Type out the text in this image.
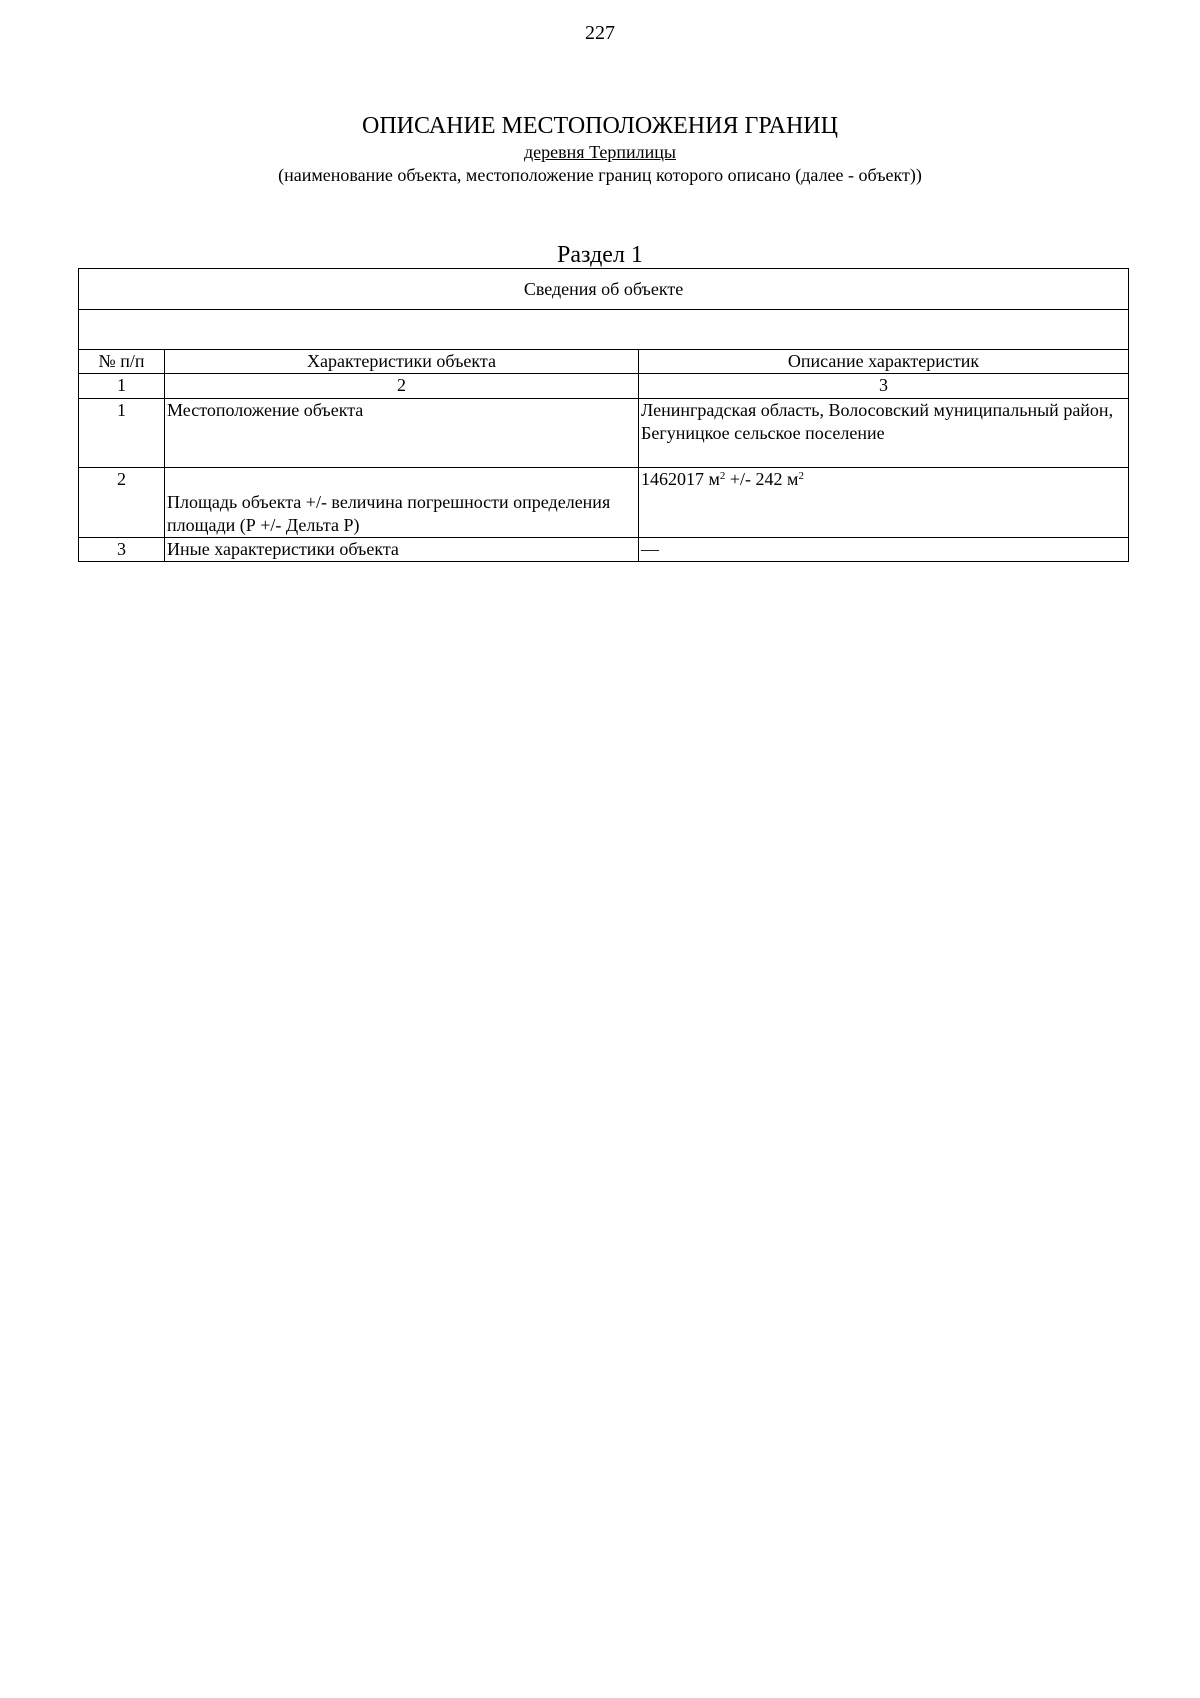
227
ОПИСАНИЕ МЕСТОПОЛОЖЕНИЯ ГРАНИЦ
деревня Терпилицы
(наименование объекта, местоположение границ которого описано (далее - объект))
Раздел 1
Сведения об объекте		

№ п/п	Характеристики объекта	Описание характеристик
1	2	3
1	Местоположение объекта	Ленинградская область, Волосовский муниципальный район, Бегуницкое сельское поселение
2	Площадь объекта +/- величина погрешности определения площади (Р +/- Дельта Р)	1462017 $м^2$ +/- 242 $м^2$
3	Иные характеристики объекта	—
